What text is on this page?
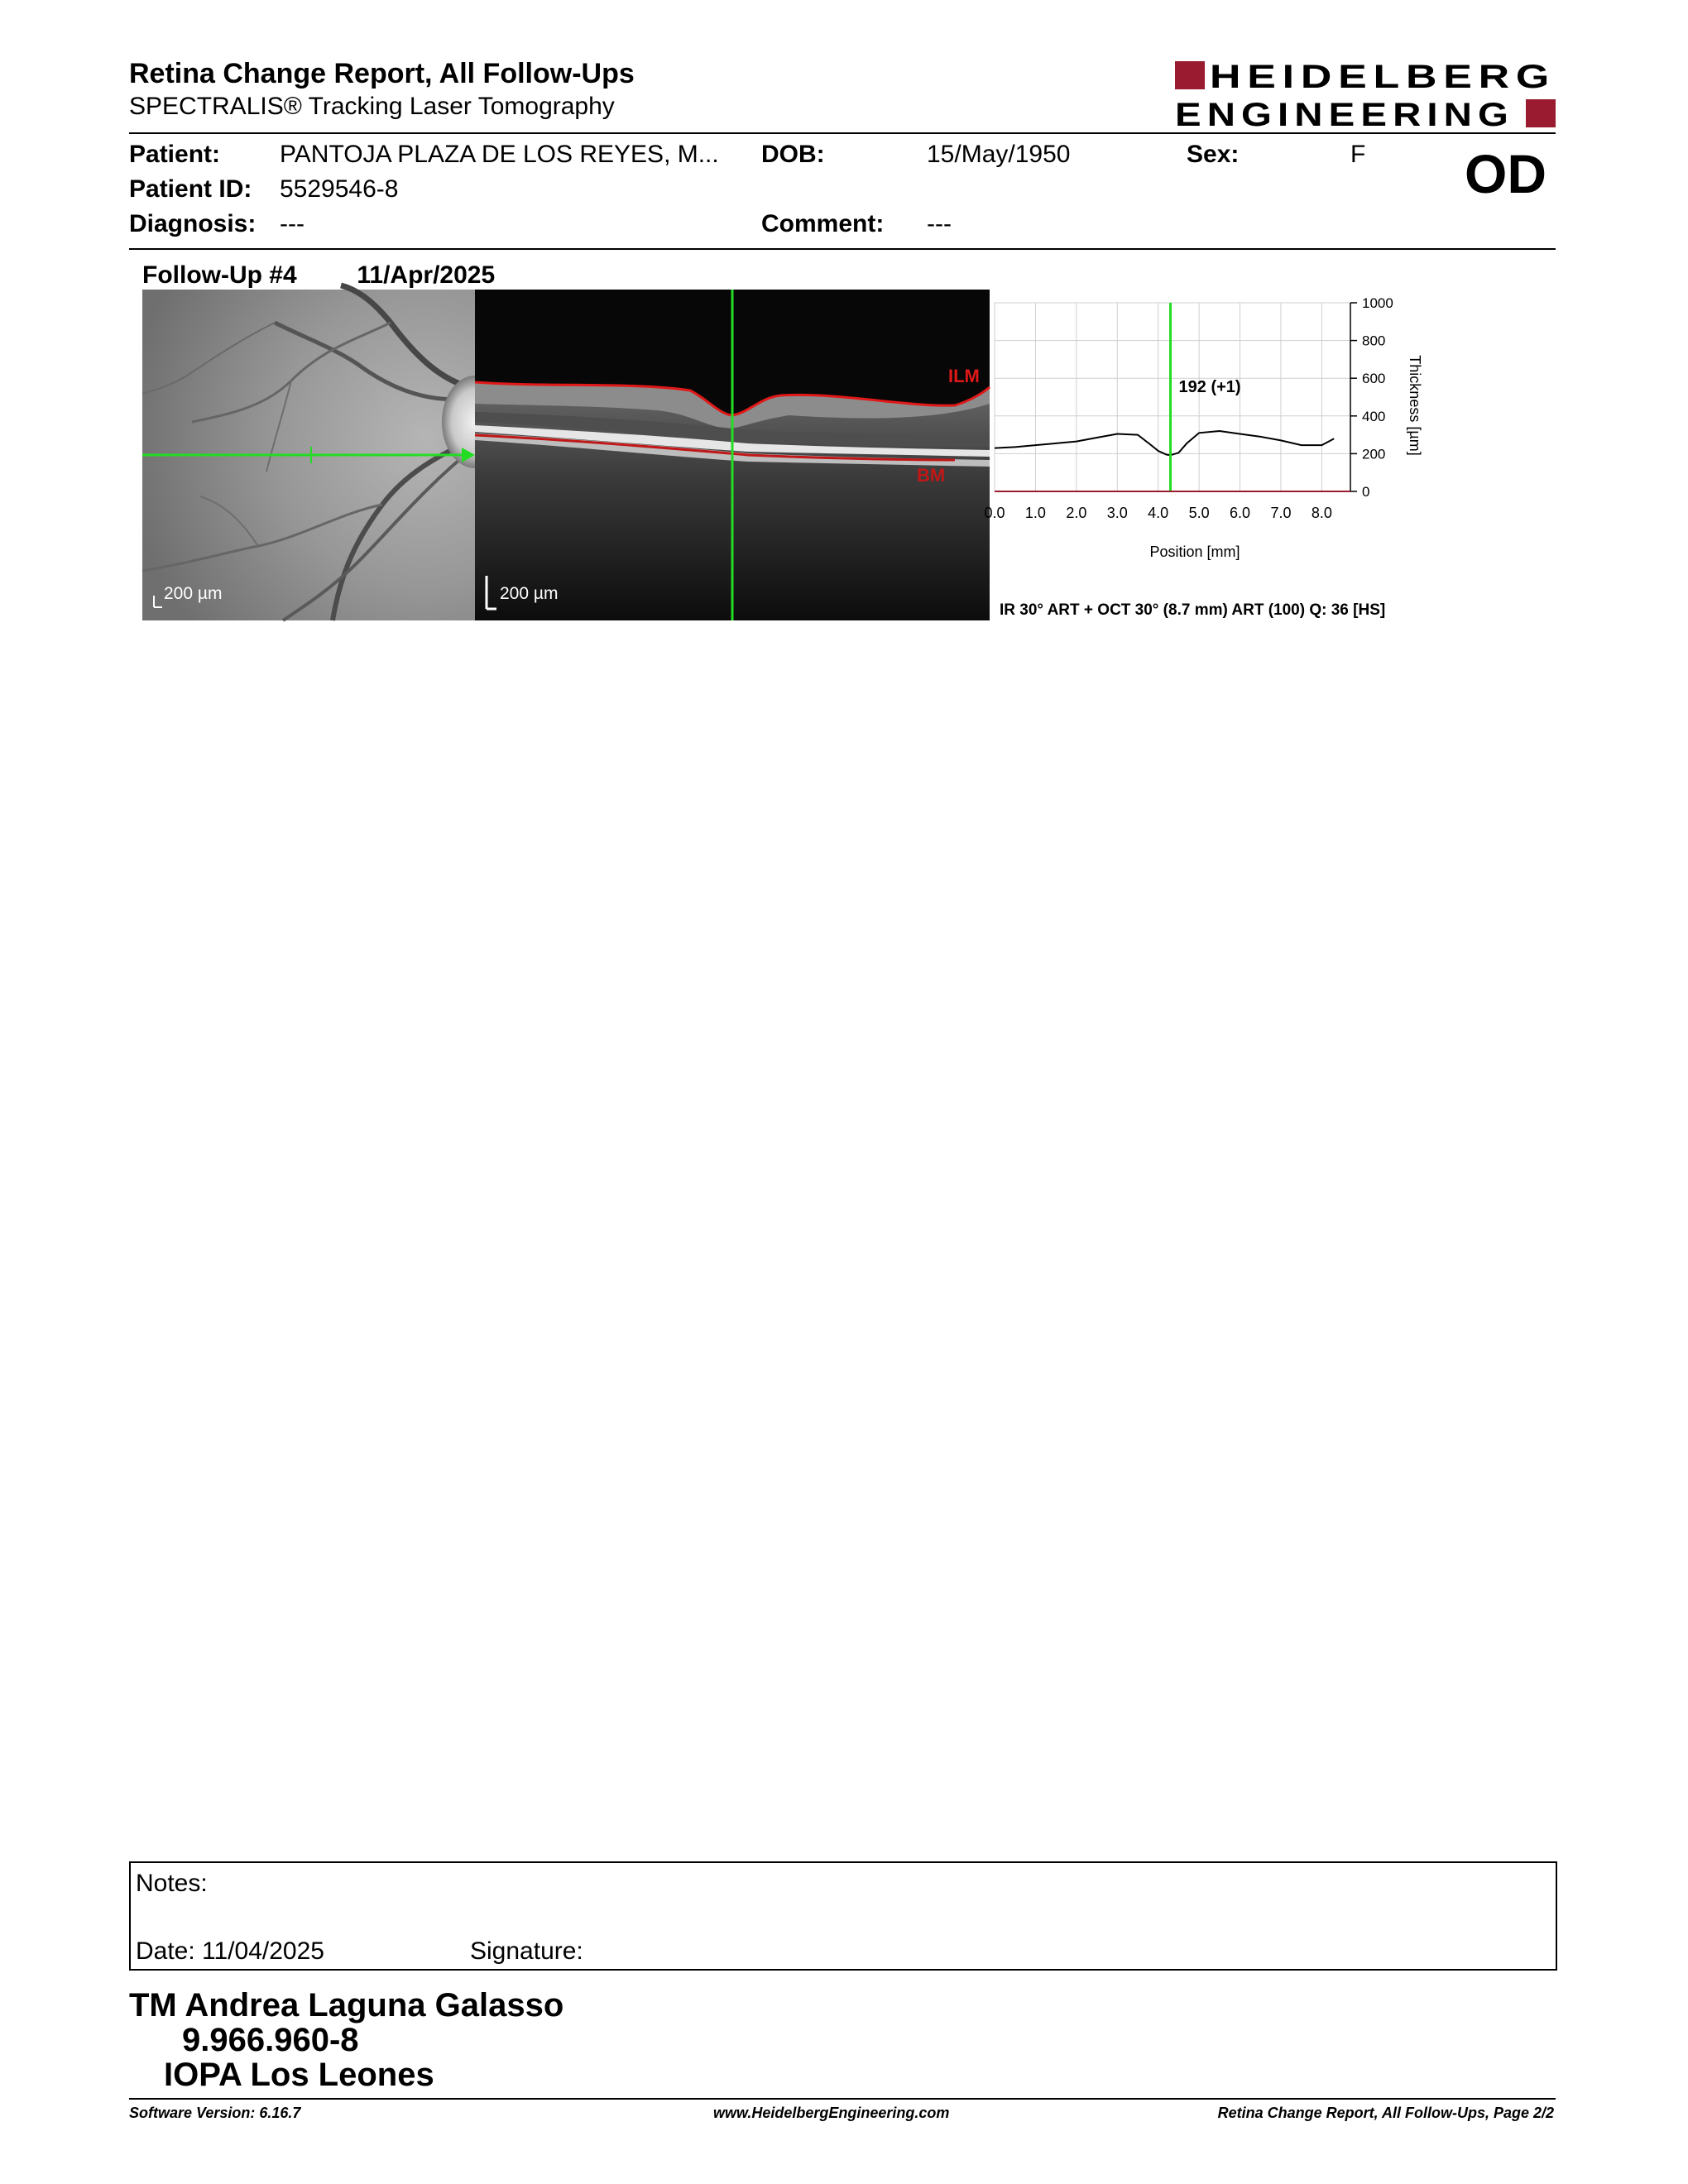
Retina Change Report, All Follow-Ups
SPECTRALIS® Tracking Laser Tomography
HEIDELBERG
ENGINEERING
Patient: PANTOJA PLAZA DE LOS REYES, M... DOB:	15/May/1950	Sex:	F OD
Patient ID: 5529546-8
Diagnosis: ---	Comment: ---
Follow-Up #4 11/Apr/2025
200 µm
ILM
BM
200 µm
192 (+1)
0
200
400
600
800
1000
0.0 1.0 2.0 3.0 4.0 5.0 6.0 7.0 8.0
Position [mm]
Thickness [µm]
IR 30° ART + OCT 30° (8.7 mm) ART (100) Q: 36 [HS]
Notes:
Date: 11/04/2025	Signature:
TM Andrea Laguna Galasso
9.966.960-8
IOPA Los Leones
Software Version: 6.16.7	www.HeidelbergEngineering.com	Retina Change Report, All Follow-Ups, Page 2/2
